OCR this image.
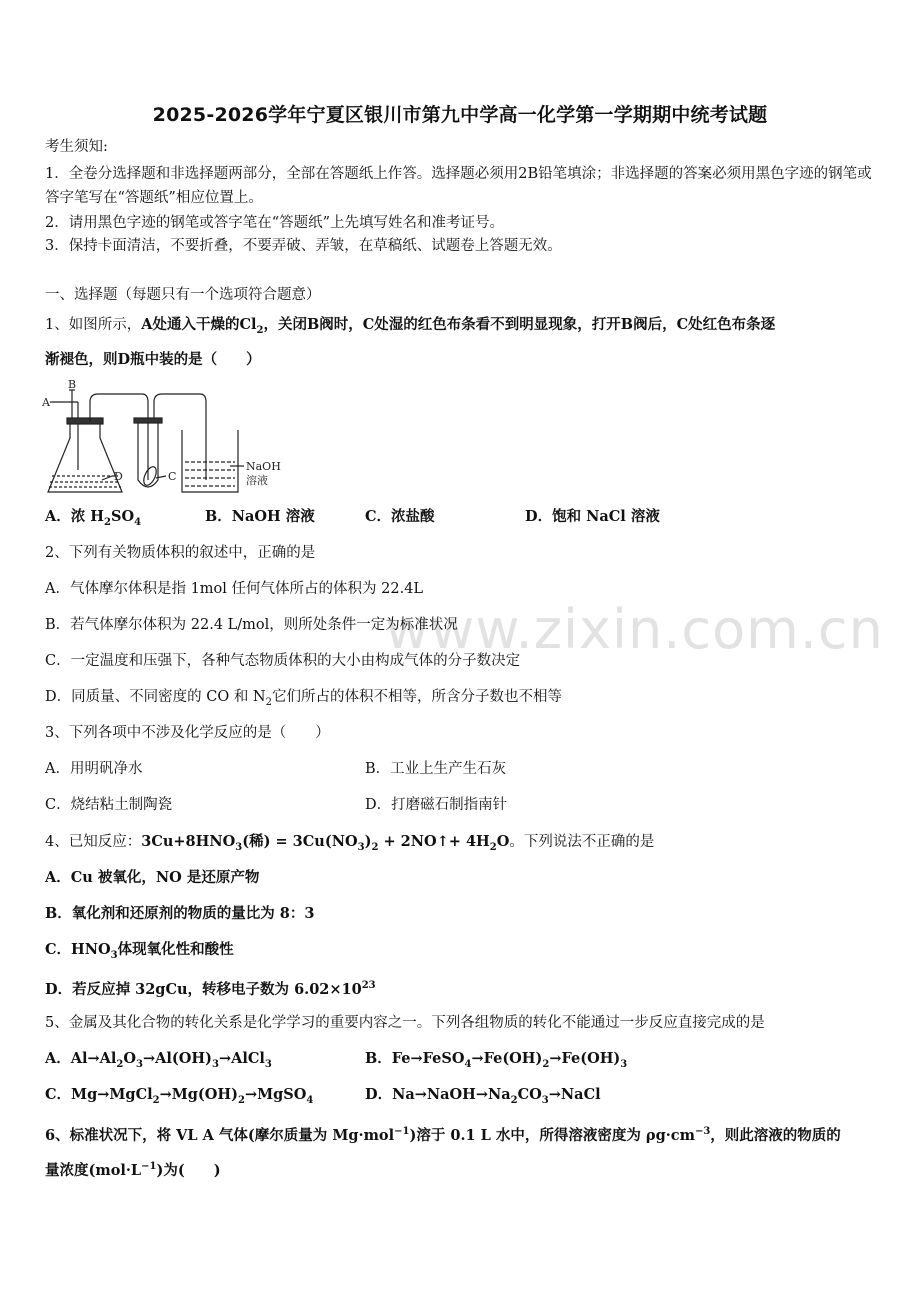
www.zixin.com.cn
2025-2026学年宁夏区银川市第九中学高一化学第一学期期中统考试题
考生须知:
1．全卷分选择题和非选择题两部分，全部在答题纸上作答。选择题必须用2B铅笔填涂；非选择题的答案必须用黑色字迹的钢笔或答字笔写在“答题纸”相应位置上。
2．请用黑色字迹的钢笔或答字笔在“答题纸”上先填写姓名和准考证号。
3．保持卡面清洁，不要折叠，不要弄破、弄皱，在草稿纸、试题卷上答题无效。
一、选择题（每题只有一个选项符合题意）
1、如图所示，A处通入干燥的$Cl_2$，关闭B阀时，C处湿的红色布条看不到明显现象，打开B阀后，C处红色布条逐
渐褪色，则D瓶中装的是（　　）
A
B
D	C
NaOH
溶液
A．浓 $H_2SO_4$	B．NaOH 溶液	C．浓盐酸	D．饱和 NaCl 溶液
2、下列有关物质体积的叙述中，正确的是
A．气体摩尔体积是指 1mol 任何气体所占的体积为 22.4L
B．若气体摩尔体积为 22.4 L/mol，则所处条件一定为标准状况
C．一定温度和压强下，各种气态物质体积的大小由构成气体的分子数决定
D．同质量、不同密度的 CO 和 $N_2$它们所占的体积不相等，所含分子数也不相等
3、下列各项中不涉及化学反应的是（　　）
A．用明矾净水	B．工业上生产生石灰
C．烧结粘土制陶瓷	D．打磨磁石制指南针
4、已知反应：$3Cu+8HNO_3$(稀) = $3Cu(NO_3)_2$ + 2NO↑+ $4H_2O$。下列说法不正确的是
A．Cu 被氧化，NO 是还原产物
B．氧化剂和还原剂的物质的量比为 8：3
C．$HNO_3$体现氧化性和酸性
D．若反应掉 32gCu，转移电子数为 $6.02\times 10^{23}$
5、金属及其化合物的转化关系是化学学习的重要内容之一。下列各组物质的转化不能通过一步反应直接完成的是
A．$Al\to Al_2O_3\to Al(OH)_3\to AlCl_3$	B．$Fe\to FeSO_4\to Fe(OH)_2\to Fe(OH)_3$
C．$Mg\to MgCl_2\to Mg(OH)_2\to MgSO_4$	D．$Na\to NaOH\to Na_2CO_3\to NaCl$
6、标准状况下，将 VL A 气体(摩尔质量为 Mg·mol$^{-1}$)溶于 0.1 L 水中，所得溶液密度为 $\rho g\cdot cm^{-3}$，则此溶液的物质的
量浓度$(mol\cdot L^{-1})$为(　　)
